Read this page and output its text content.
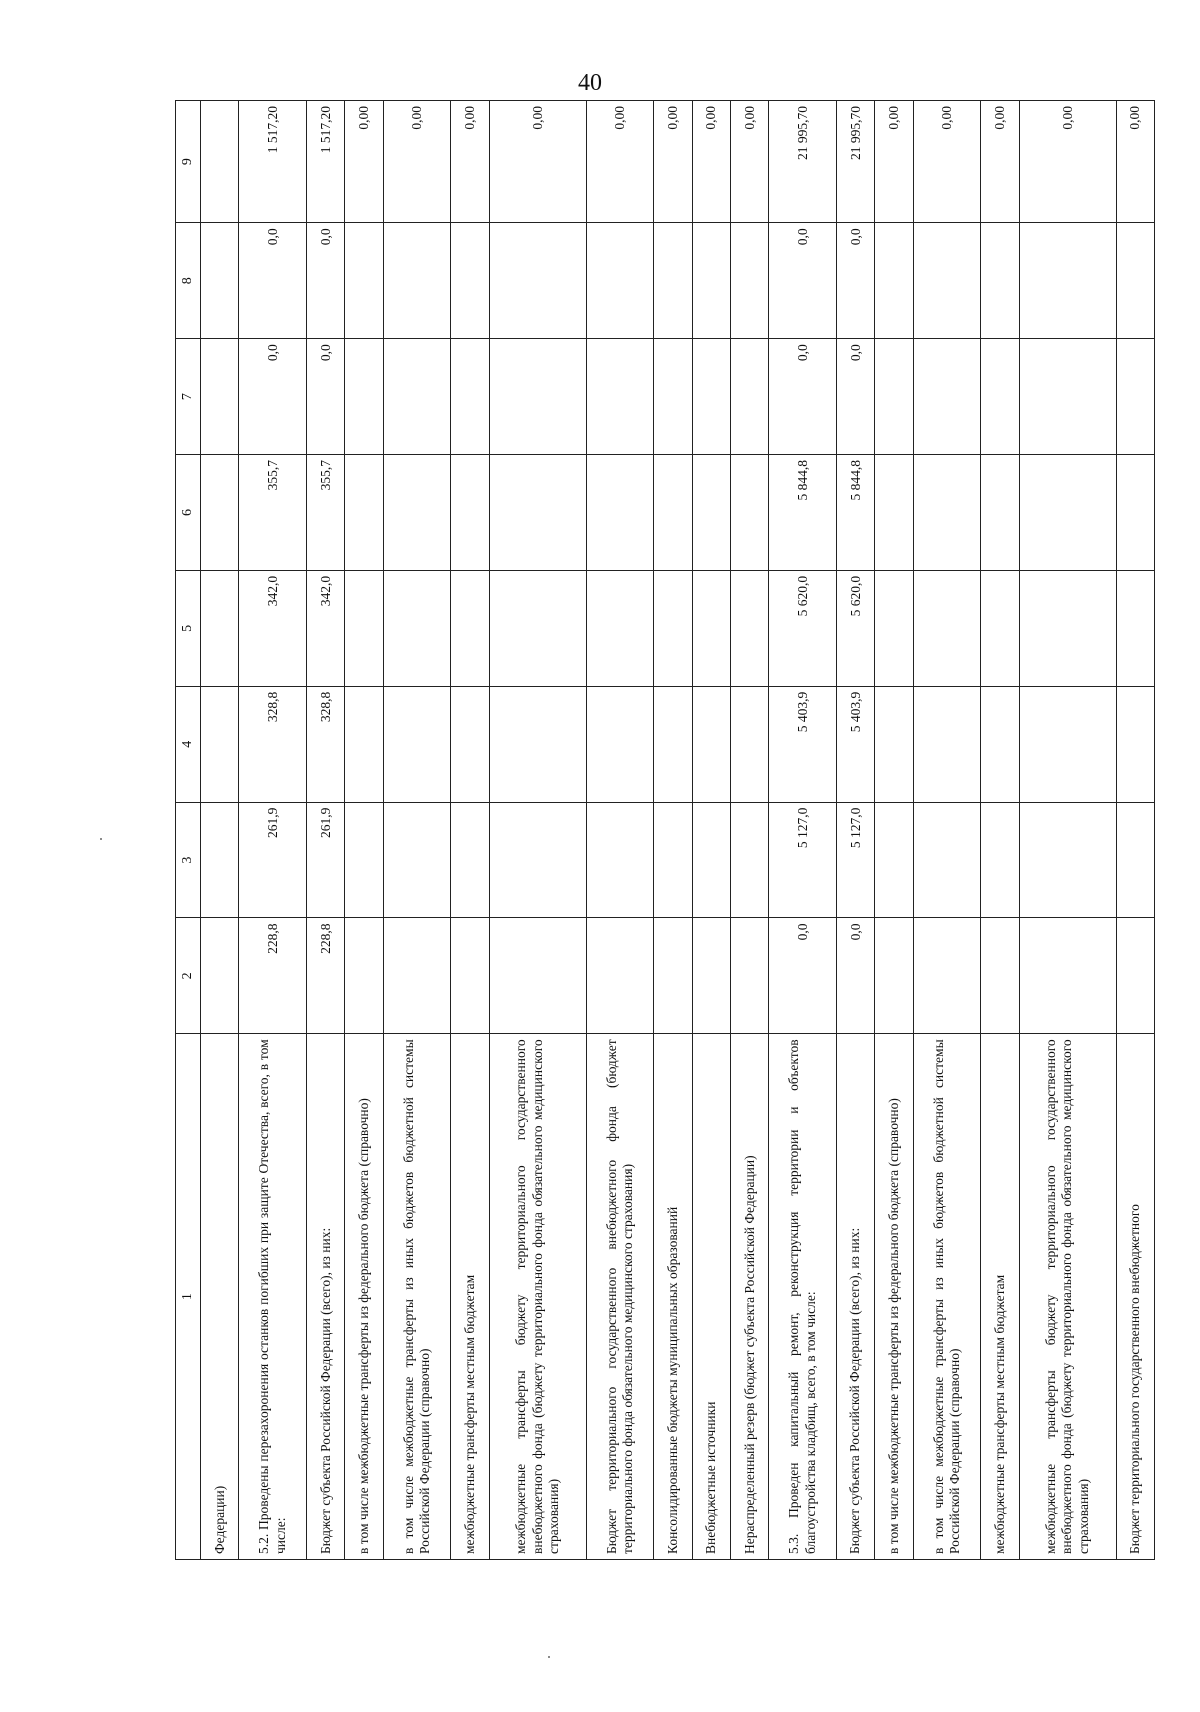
40
1	2	3	4	5	6	7	8	9
Федерации)								
5.2. Проведены перезахоронения останков погибших при защите Отечества, всего, в том числе:	228,8	261,9	328,8	342,0	355,7	0,0	0,0	1 517,20
Бюджет субъекта Российской Федерации (всего), из них:	228,8	261,9	328,8	342,0	355,7	0,0	0,0	1 517,20
в том числе межбюджетные трансферты из федерального бюджета (справочно)								0,00
в том числе межбюджетные трансферты из иных бюджетов бюджетной системы Российской Федерации (справочно)								0,00
межбюджетные трансферты местным бюджетам								0,00
межбюджетные трансферты бюджету территориального государственного внебюджетного фонда (бюджету территориального фонда обязательного медицинского страхования)								0,00
Бюджет территориального государственного внебюджетного фонда (бюджет территориального фонда обязательного медицинского страхования)								0,00
Консолидированные бюджеты муниципальных образований								0,00
Внебюджетные источники								0,00
Нераспределенный резерв (бюджет субъекта Российской Федерации)								0,00
5.3. Проведен капитальный ремонт, реконструкция территории и объектов благоустройства кладбищ, всего, в том числе:	0,0	5 127,0	5 403,9	5 620,0	5 844,8	0,0	0,0	21 995,70
Бюджет субъекта Российской Федерации (всего), из них:	0,0	5 127,0	5 403,9	5 620,0	5 844,8	0,0	0,0	21 995,70
в том числе межбюджетные трансферты из федерального бюджета (справочно)								0,00
в том числе межбюджетные трансферты из иных бюджетов бюджетной системы Российской Федерации (справочно)								0,00
межбюджетные трансферты местным бюджетам								0,00
межбюджетные трансферты бюджету территориального государственного внебюджетного фонда (бюджету территориального фонда обязательного медицинского страхования)								0,00
Бюджет территориального государственного внебюджетного								0,00
